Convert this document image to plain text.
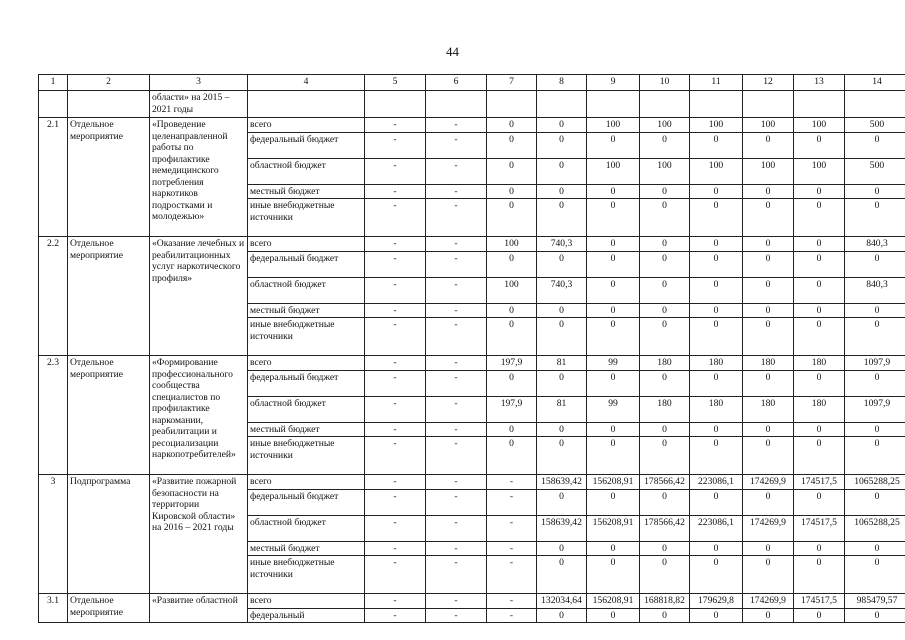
44
1	2	3	4	5	6	7	8	9	10	11	12	13	14
		области» на 2015 – 2021 годы											
2.1	Отдельное мероприятие	«Проведение целенаправленной работы по профилактике немедицинского потребления наркотиков подростками и молодежью»	всего	-	-	0	0	100	100	100	100	100	500
			федеральный бюджет	-	-	0	0	0	0	0	0	0	0
			областной бюджет	-	-	0	0	100	100	100	100	100	500
			местный бюджет	-	-	0	0	0	0	0	0	0	0
			иные внебюджетные источники	-	-	0	0	0	0	0	0	0	0
2.2	Отдельное мероприятие	«Оказание лечебных и реабилитационных услуг наркотического профиля»	всего	-	-	100	740,3	0	0	0	0	0	840,3
			федеральный бюджет	-	-	0	0	0	0	0	0	0	0
			областной бюджет	-	-	100	740,3	0	0	0	0	0	840,3
			местный бюджет	-	-	0	0	0	0	0	0	0	0
			иные внебюджетные источники	-	-	0	0	0	0	0	0	0	0
2.3	Отдельное мероприятие	«Формирование профессионального сообщества специалистов по профилактике наркомании, реабилитации и ресоциализации наркопотребителей»	всего	-	-	197,9	81	99	180	180	180	180	1097,9
			федеральный бюджет	-	-	0	0	0	0	0	0	0	0
			областной бюджет	-	-	197,9	81	99	180	180	180	180	1097,9
			местный бюджет	-	-	0	0	0	0	0	0	0	0
			иные внебюджетные источники	-	-	0	0	0	0	0	0	0	0
3	Подпрограмма	«Развитие пожарной безопасности на территории Кировской области» на 2016 – 2021 годы	всего	-	-	-	158639,42	156208,91	178566,42	223086,1	174269,9	174517,5	1065288,25
			федеральный бюджет	-	-	-	0	0	0	0	0	0	0
			областной бюджет	-	-	-	158639,42	156208,91	178566,42	223086,1	174269,9	174517,5	1065288,25
			местный бюджет	-	-	-	0	0	0	0	0	0	0
			иные внебюджетные источники	-	-	-	0	0	0	0	0	0	0
3.1	Отдельное мероприятие	«Развитие областной	всего	-	-	-	132034,64	156208,91	168818,82	179629,8	174269,9	174517,5	985479,57
			федеральный	-	-	-	0	0	0	0	0	0	0
